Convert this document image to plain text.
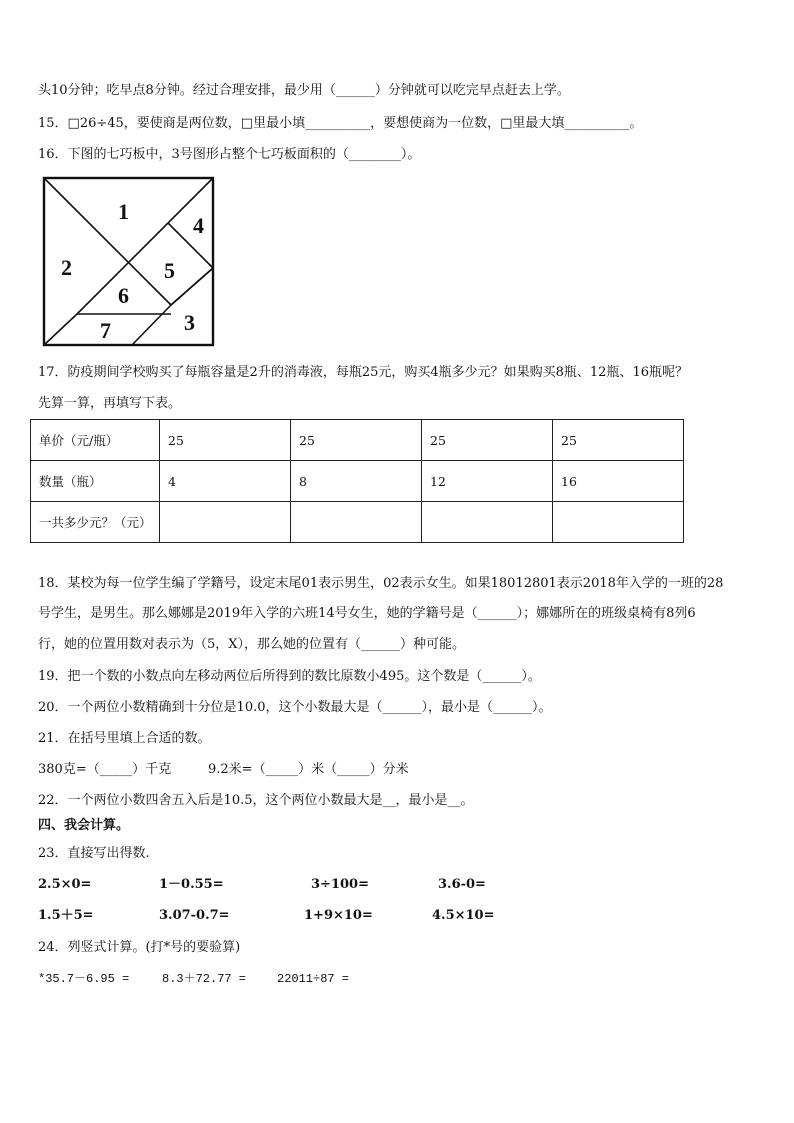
头10分钟；吃早点8分钟。经过合理安排，最少用（______）分钟就可以吃完早点赶去上学。
15．□26÷45，要使商是两位数，□里最小填__________，要想使商为一位数，□里最大填__________。
16．下图的七巧板中，3号图形占整个七巧板面积的（________）。
1
2
3
4
5
6
7
17．防疫期间学校购买了每瓶容量是2升的消毒液，每瓶25元，购买4瓶多少元？如果购买8瓶、12瓶、16瓶呢？
先算一算，再填写下表。
单价（元/瓶）	25	25	25	25
数量（瓶）	4	8	12	16
一共多少元？（元）				
18．某校为每一位学生编了学籍号，设定末尾01表示男生，02表示女生。如果18012801表示2018年入学的一班的28
号学生，是男生。那么娜娜是2019年入学的六班14号女生，她的学籍号是（______）；娜娜所在的班级桌椅有8列6
行，她的位置用数对表示为（5，X），那么她的位置有（______）种可能。
19．把一个数的小数点向左移动两位后所得到的数比原数小495。这个数是（______）。
20．一个两位小数精确到十分位是10.0，这个小数最大是（______），最小是（______）。
21．在括号里填上合适的数。
380克=（_____）千克	9.2米=（_____）米（_____）分米
22．一个两位小数四舍五入后是10.5，这个两位小数最大是__，最小是__。
四、我会计算。
23．直接写出得数.
2.5×0=	1－0.55=	3÷100=	3.6-0=
1.5＋5=	3.07-0.7=	1+9×10=	4.5×10=
24．列竖式计算。(打*号的要验算)
*35.7－6.95 =	8.3＋72.77 =	22011÷87 =
